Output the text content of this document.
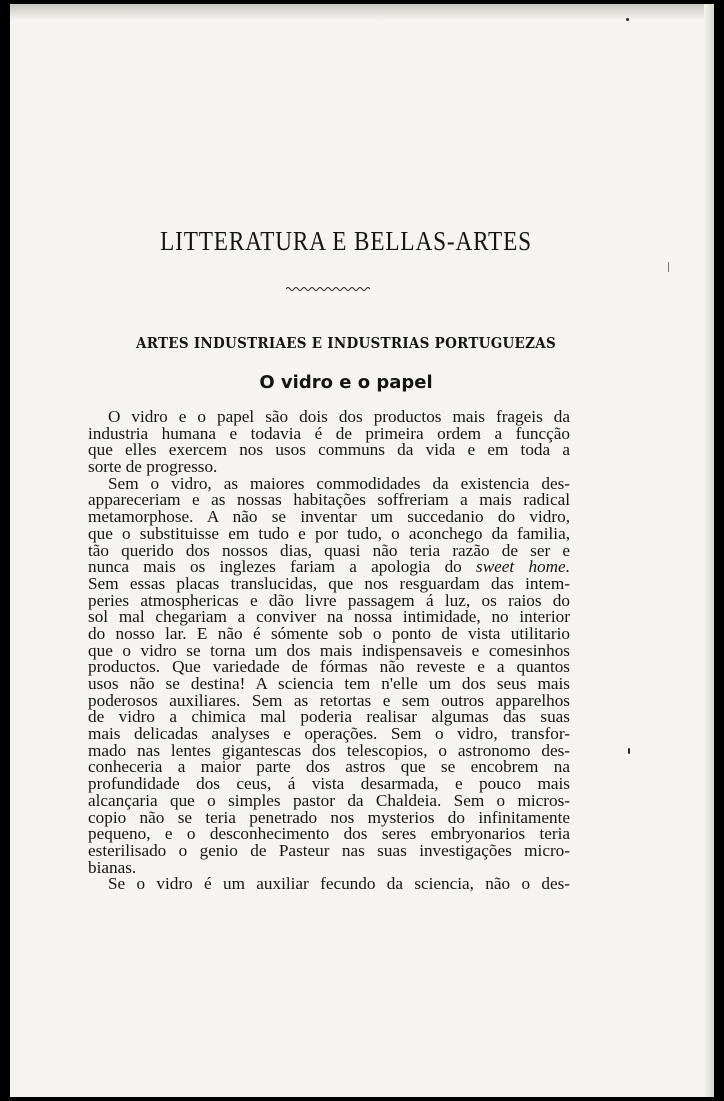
LITTERATURA E BELLAS-ARTES
ARTES INDUSTRIAES E INDUSTRIAS PORTUGUEZAS
O vidro e o papel
O vidro e o papel são dois dos productos mais frageis da
industria humana e todavia é de primeira ordem a funcção
que elles exercem nos usos communs da vida e em toda a
sorte de progresso.
Sem o vidro, as maiores commodidades da existencia des-
appareceriam e as nossas habitações soffreriam a mais radical
metamorphose. A não se inventar um succedanio do vidro,
que o substituisse em tudo e por tudo, o aconchego da familia,
tão querido dos nossos dias, quasi não teria razão de ser e
nunca mais os inglezes fariam a apologia do sweet home.
Sem essas placas translucidas, que nos resguardam das intem-
peries atmosphericas e dão livre passagem á luz, os raios do
sol mal chegariam a conviver na nossa intimidade, no interior
do nosso lar. E não é sómente sob o ponto de vista utilitario
que o vidro se torna um dos mais indispensaveis e comesinhos
productos. Que variedade de fórmas não reveste e a quantos
usos não se destina! A sciencia tem n'elle um dos seus mais
poderosos auxiliares. Sem as retortas e sem outros apparelhos
de vidro a chimica mal poderia realisar algumas das suas
mais delicadas analyses e operações. Sem o vidro, transfor-
mado nas lentes gigantescas dos telescopios, o astronomo des-
conheceria a maior parte dos astros que se encobrem na
profundidade dos ceus, á vista desarmada, e pouco mais
alcançaria que o simples pastor da Chaldeia. Sem o micros-
copio não se teria penetrado nos mysterios do infinitamente
pequeno, e o desconhecimento dos seres embryonarios teria
esterilisado o genio de Pasteur nas suas investigações micro-
bianas.
Se o vidro é um auxiliar fecundo da sciencia, não o des-
